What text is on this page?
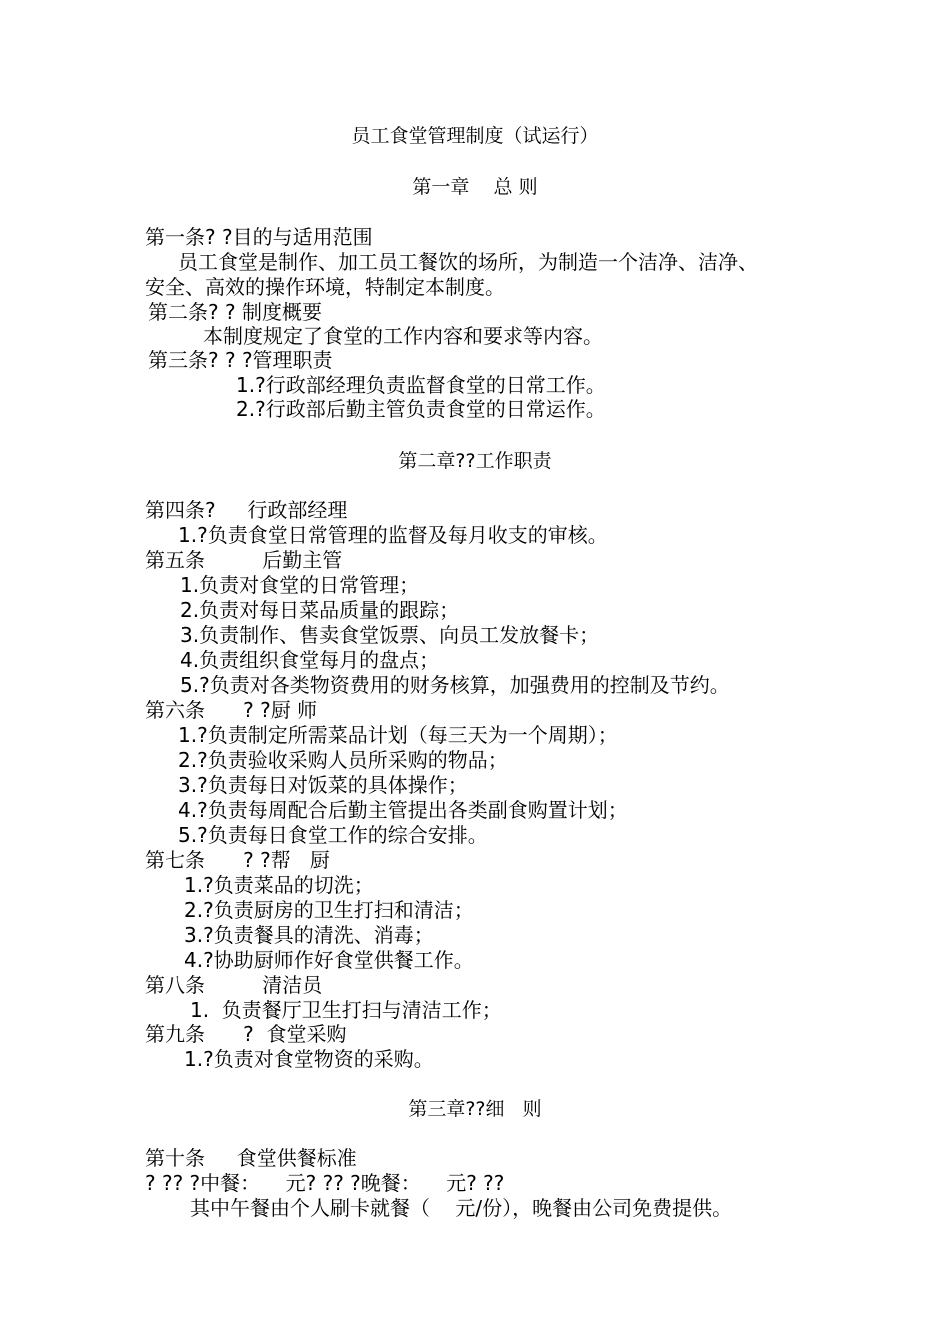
员工食堂管理制度（试运行）
第一章    总 则
第一条? ?目的与适用范围
员工食堂是制作、加工员工餐饮的场所，为制造一个洁净、洁净、
安全、高效的操作环境，特制定本制度。
第二条? ? 制度概要
本制度规定了食堂的工作内容和要求等内容。
第三条? ? ?管理职责
1.?行政部经理负责监督食堂的日常工作。
2.?行政部后勤主管负责食堂的日常运作。
第二章??工作职责
第四条?     行政部经理
1.?负责食堂日常管理的监督及每月收支的审核。
第五条         后勤主管
1.负责对食堂的日常管理；
2.负责对每日菜品质量的跟踪；
3.负责制作、售卖食堂饭票、向员工发放餐卡；
4.负责组织食堂每月的盘点；
5.?负责对各类物资费用的财务核算，加强费用的控制及节约。
第六条      ? ?厨 师
1.?负责制定所需菜品计划（每三天为一个周期）；
2.?负责验收采购人员所采购的物品；
3.?负责每日对饭菜的具体操作；
4.?负责每周配合后勤主管提出各类副食购置计划；
5.?负责每日食堂工作的综合安排。
第七条      ? ?帮   厨
1.?负责菜品的切洗；
2.?负责厨房的卫生打扫和清洁；
3.?负责餐具的清洗、消毒；
4.?协助厨师作好食堂供餐工作。
第八条         清洁员
1.  负责餐厅卫生打扫与清洁工作；
第九条      ?  食堂采购
1.?负责对食堂物资的采购。
第三章??细   则
第十条     食堂供餐标准
? ?? ?中餐：    元? ?? ?晚餐：    元? ??
其中午餐由个人刷卡就餐（    元/份），晚餐由公司免费提供。
